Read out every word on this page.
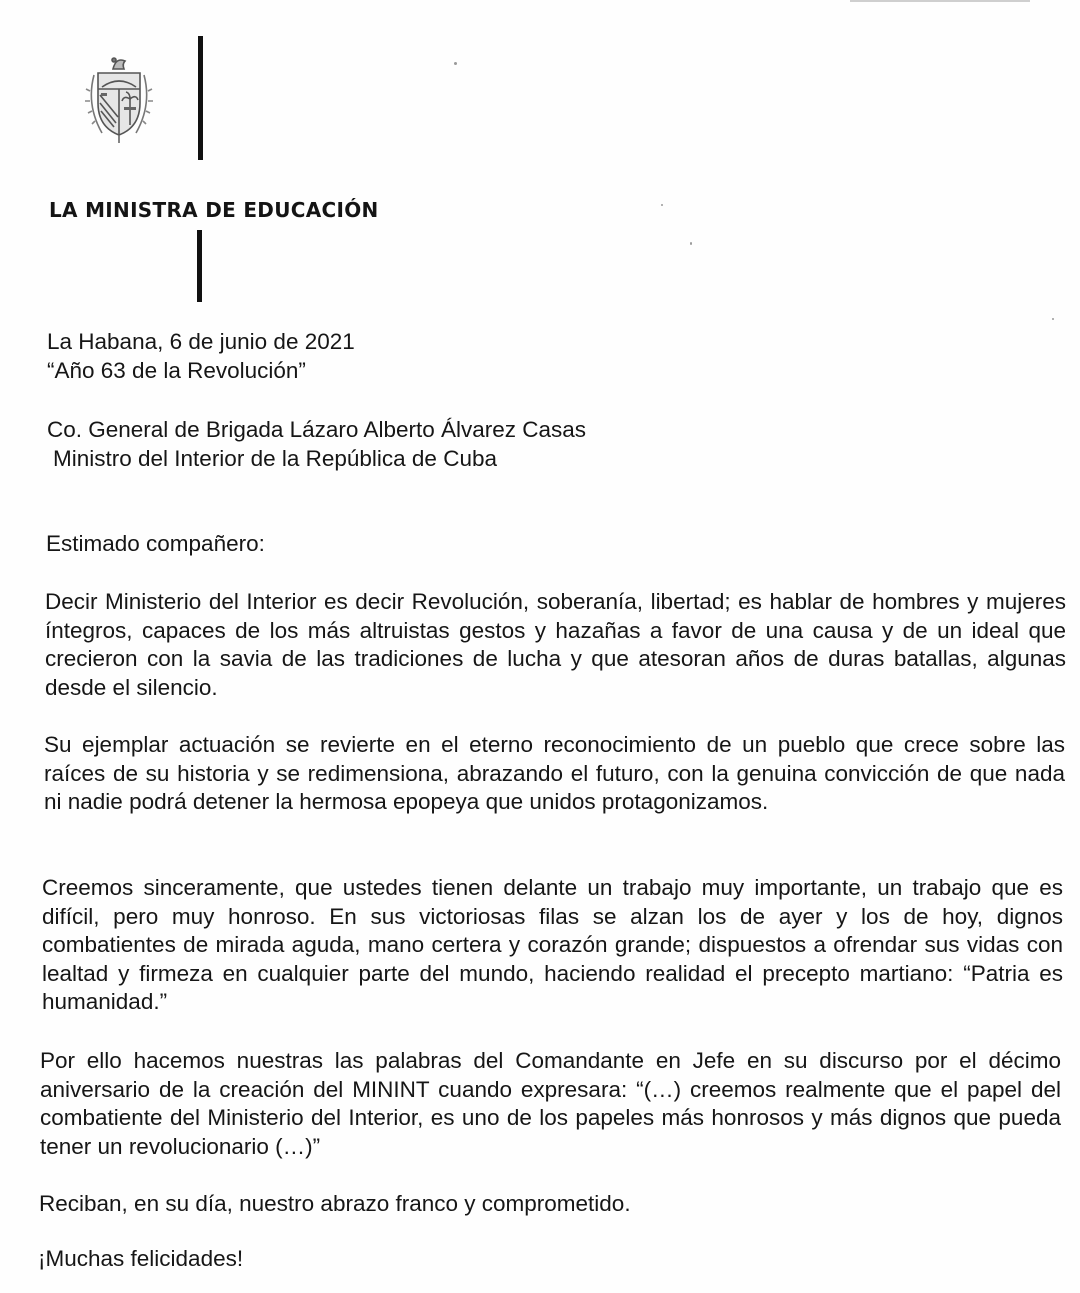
LA MINISTRA DE EDUCACIÓN
La Habana, 6 de junio de 2021
“Año 63 de la Revolución”
Co. General de Brigada Lázaro Alberto Álvarez Casas
Ministro del Interior de la República de Cuba
Estimado compañero:
Decir Ministerio del Interior es decir Revolución, soberanía, libertad; es hablar de hombres y mujeres íntegros, capaces de los más altruistas gestos y hazañas a favor de una causa y de un ideal que crecieron con la savia de las tradiciones de lucha y que atesoran años de duras batallas, algunas desde el silencio.
Su ejemplar actuación se revierte en el eterno reconocimiento de un pueblo que crece sobre las raíces de su historia y se redimensiona, abrazando el futuro, con la genuina convicción de que nada ni nadie podrá detener la hermosa epopeya que unidos protagonizamos.
Creemos sinceramente, que ustedes tienen delante un trabajo muy importante, un trabajo que es difícil, pero muy honroso. En sus victoriosas filas se alzan los de ayer y los de hoy, dignos combatientes de mirada aguda, mano certera y corazón grande; dispuestos a ofrendar sus vidas con lealtad y firmeza en cualquier parte del mundo, haciendo realidad el precepto martiano: “Patria es humanidad.”
Por ello hacemos nuestras las palabras del Comandante en Jefe en su discurso por el décimo aniversario de la creación del MININT cuando expresara: “(…) creemos realmente que el papel del combatiente del Ministerio del Interior, es uno de los papeles más honrosos y más dignos que pueda tener un revolucionario (…)”
Reciban, en su día, nuestro abrazo franco y comprometido.
¡Muchas felicidades!
